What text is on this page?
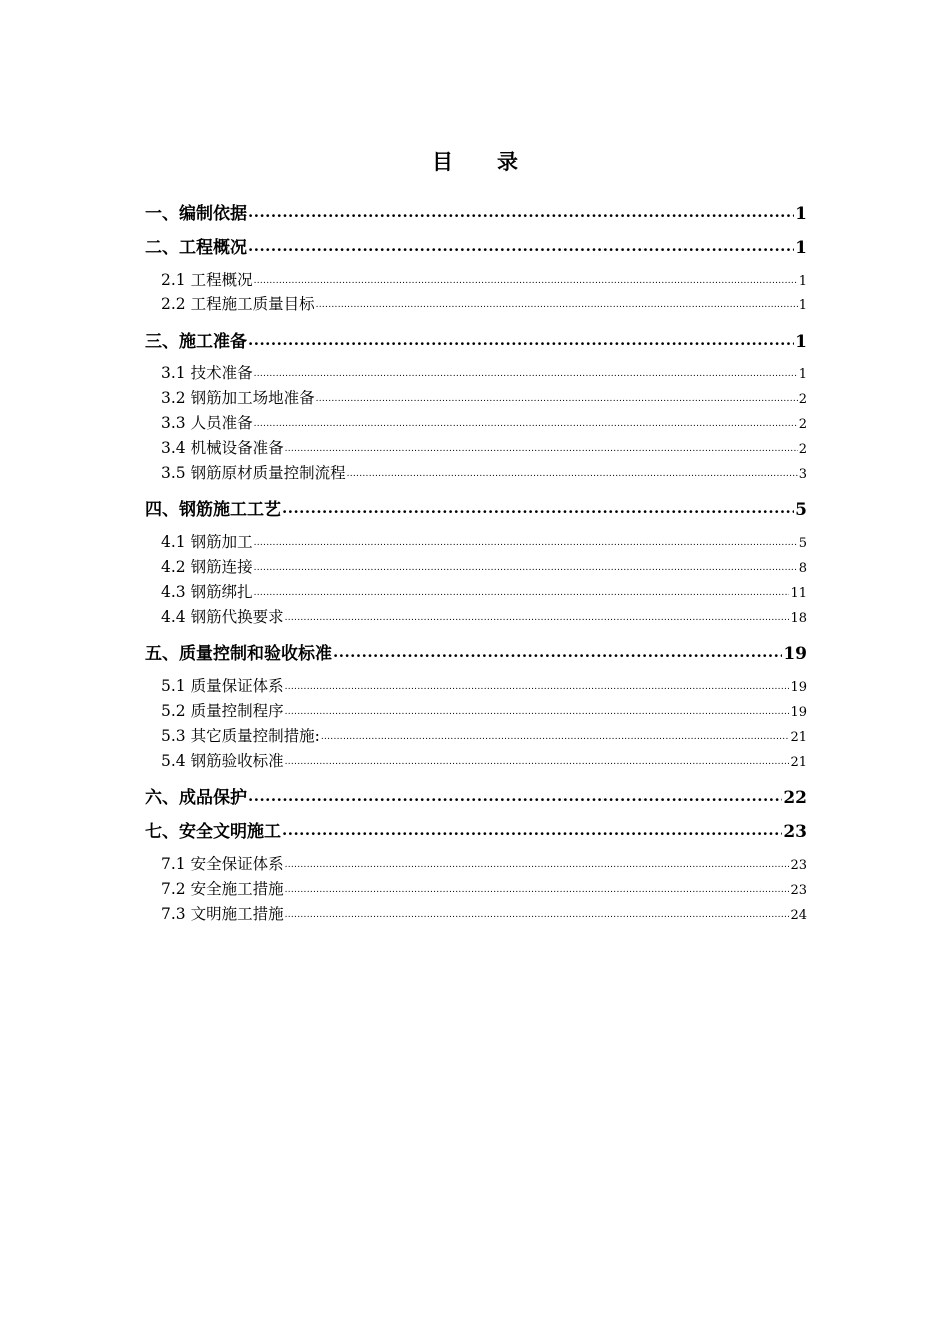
目 录
一、编制依据 .....	1
二、工程概况 .....	1
2.1 工程概况 .....	1
2.2 工程施工质量目标 .....	1
三、施工准备 .....	1
3.1 技术准备 .....	1
3.2 钢筋加工场地准备 .....	2
3.3 人员准备 .....	2
3.4 机械设备准备 .....	2
3.5 钢筋原材质量控制流程 .....	3
四、钢筋施工工艺 .....	5
4.1 钢筋加工 .....	5
4.2 钢筋连接 .....	8
4.3 钢筋绑扎 .....	11
4.4 钢筋代换要求 .....	18
五、质量控制和验收标准 .....	19
5.1 质量保证体系 .....	19
5.2 质量控制程序 .....	19
5.3 其它质量控制措施: .....	21
5.4 钢筋验收标准 .....	21
六、成品保护 .....	22
七、安全文明施工 .....	23
7.1 安全保证体系 .....	23
7.2 安全施工措施 .....	23
7.3 文明施工措施 .....	24
